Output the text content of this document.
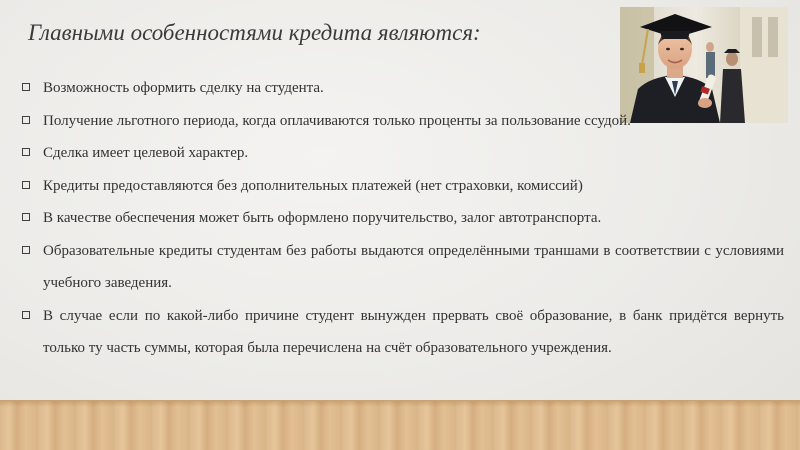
Главными особенностями кредита являются:
Возможность оформить сделку на студента.
Получение льготного периода, когда оплачиваются только проценты за пользование ссудой.
Сделка имеет целевой характер.
Кредиты предоставляются без дополнительных платежей (нет страховки, комиссий)
В качестве обеспечения может быть оформлено поручительство, залог автотранспорта.
Образовательные кредиты студентам без работы выдаются определёнными траншами в соответствии с условиями учебного заведения.
В случае если по какой-либо причине студент вынужден прервать своё образование, в банк придётся вернуть только ту часть суммы, которая была перечислена на счёт образовательного учреждения.
